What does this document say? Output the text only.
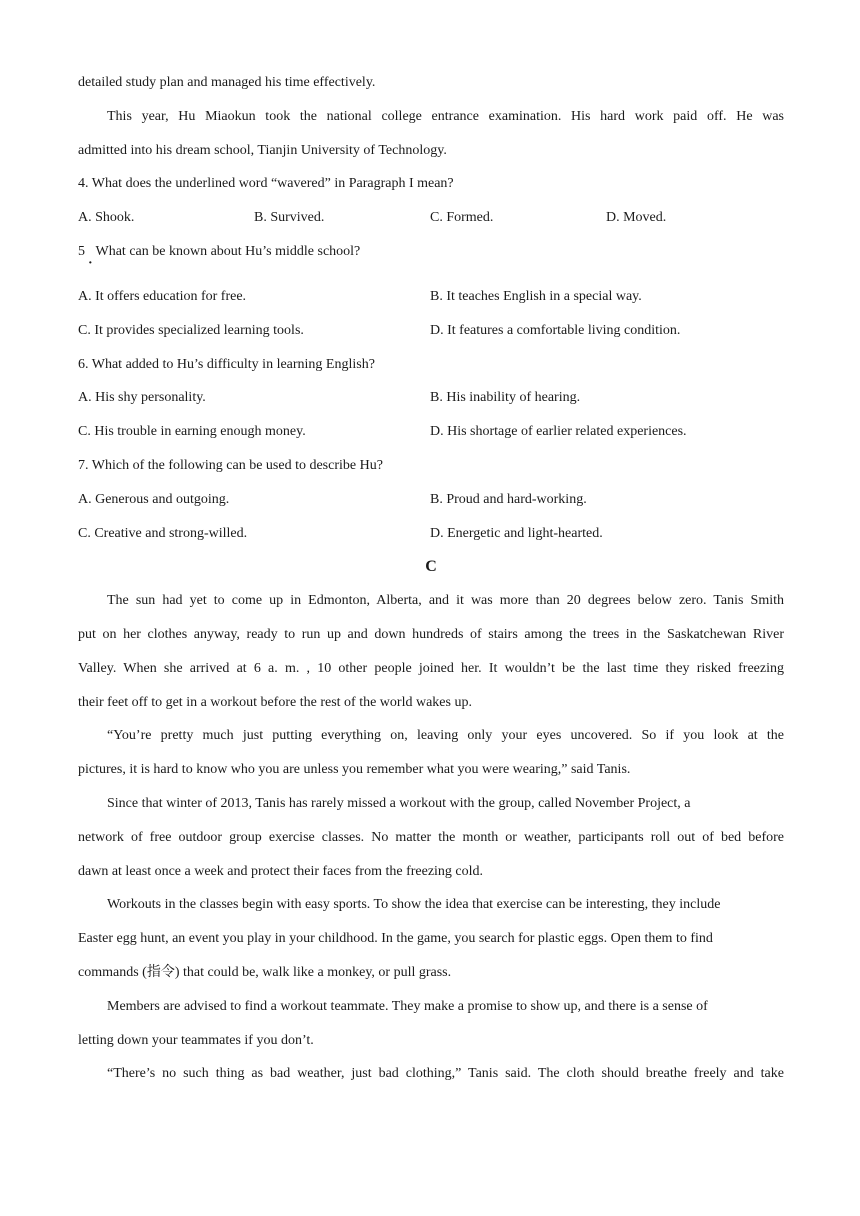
detailed study plan and managed his time effectively.
This year, Hu Miaokun took the national college entrance examination. His hard work paid off. He was
admitted into his dream school, Tianjin University of Technology.
4. What does the underlined word “wavered” in Paragraph I mean?
A. Shook.	B. Survived.	C. Formed.	D. Moved.
5 What can be known about Hu’s middle school?
·
A. It offers education for free.	B. It teaches English in a special way.
C. It provides specialized learning tools.	D. It features a comfortable living condition.
6. What added to Hu’s difficulty in learning English?
A. His shy personality.	B. His inability of hearing.
C. His trouble in earning enough money.	D. His shortage of earlier related experiences.
7. Which of the following can be used to describe Hu?
A. Generous and outgoing.	B. Proud and hard-working.
C. Creative and strong-willed.	D. Energetic and light-hearted.
C
The sun had yet to come up in Edmonton, Alberta, and it was more than 20 degrees below zero. Tanis Smith
put on her clothes anyway, ready to run up and down hundreds of stairs among the trees in the Saskatchewan River
Valley. When she arrived at 6 a. m. , 10 other people joined her. It wouldn’t be the last time they risked freezing
their feet off to get in a workout before the rest of the world wakes up.
“You’re pretty much just putting everything on, leaving only your eyes uncovered. So if you look at the
pictures, it is hard to know who you are unless you remember what you were wearing,” said Tanis.
Since that winter of 2013, Tanis has rarely missed a workout with the group, called November Project, a
network of free outdoor group exercise classes. No matter the month or weather, participants roll out of bed before
dawn at least once a week and protect their faces from the freezing cold.
Workouts in the classes begin with easy sports. To show the idea that exercise can be interesting, they include
Easter egg hunt, an event you play in your childhood. In the game, you search for plastic eggs. Open them to find
commands (指令) that could be, walk like a monkey, or pull grass.
Members are advised to find a workout teammate. They make a promise to show up, and there is a sense of
letting down your teammates if you don’t.
“There’s no such thing as bad weather, just bad clothing,” Tanis said. The cloth should breathe freely and take
